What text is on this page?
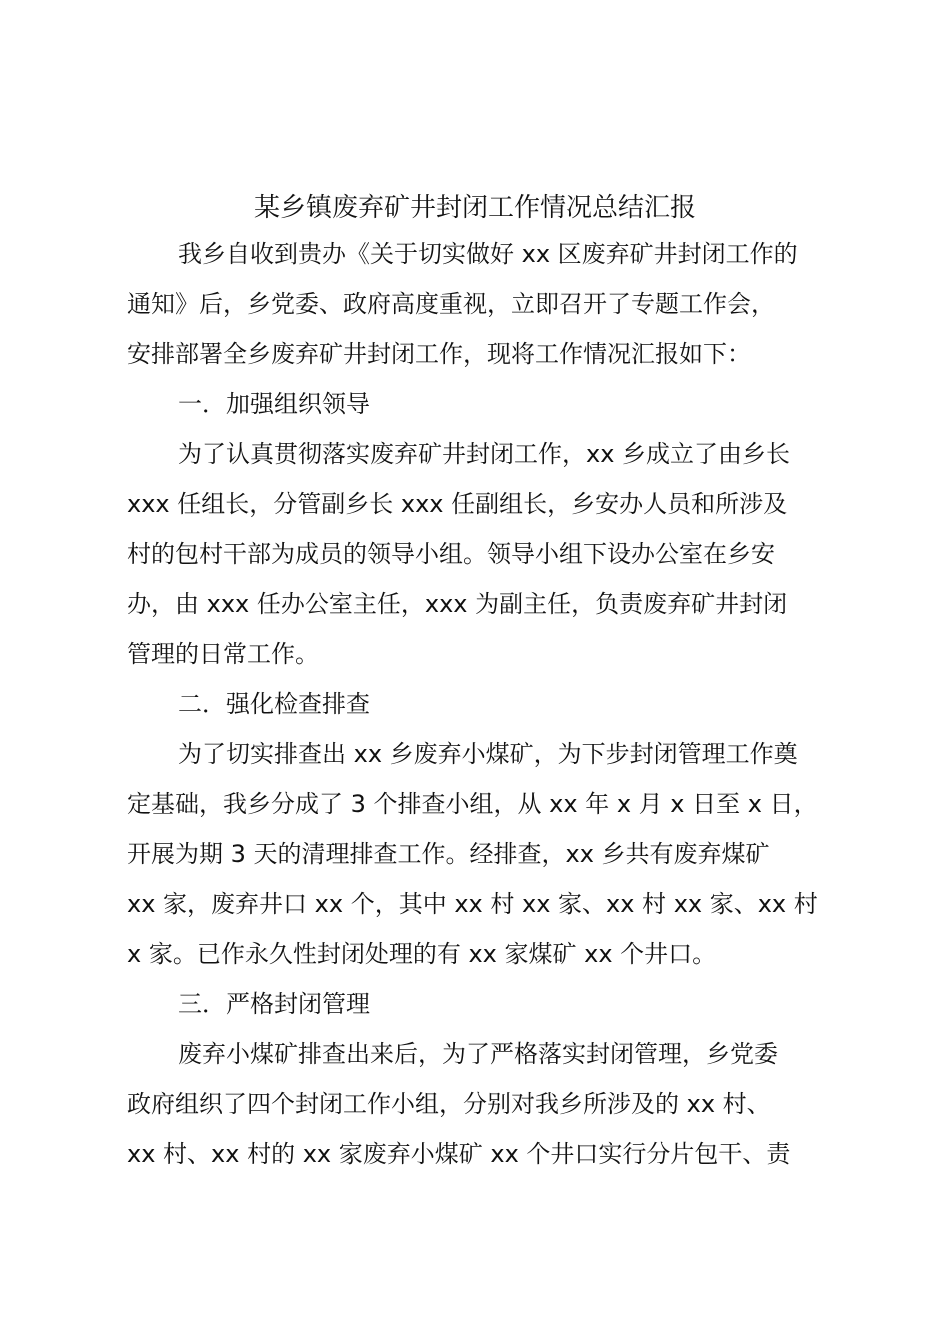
某乡镇废弃矿井封闭工作情况总结汇报
我乡自收到贵办《关于切实做好 xx 区废弃矿井封闭工作的
通知》后，乡党委、政府高度重视，立即召开了专题工作会，
安排部署全乡废弃矿井封闭工作，现将工作情况汇报如下：
一．加强组织领导
为了认真贯彻落实废弃矿井封闭工作，xx 乡成立了由乡长
xxx 任组长，分管副乡长 xxx 任副组长，乡安办人员和所涉及
村的包村干部为成员的领导小组。领导小组下设办公室在乡安
办，由 xxx 任办公室主任，xxx 为副主任，负责废弃矿井封闭
管理的日常工作。
二．强化检查排查
为了切实排查出 xx 乡废弃小煤矿，为下步封闭管理工作奠
定基础，我乡分成了 3 个排查小组，从 xx 年 x 月 x 日至 x 日，
开展为期 3 天的清理排查工作。经排查，xx 乡共有废弃煤矿
xx 家，废弃井口 xx 个，其中 xx 村 xx 家、xx 村 xx 家、xx 村
x 家。已作永久性封闭处理的有 xx 家煤矿 xx 个井口。
三．严格封闭管理
废弃小煤矿排查出来后，为了严格落实封闭管理，乡党委
政府组织了四个封闭工作小组，分别对我乡所涉及的 xx 村、
xx 村、xx 村的 xx 家废弃小煤矿 xx 个井口实行分片包干、责
